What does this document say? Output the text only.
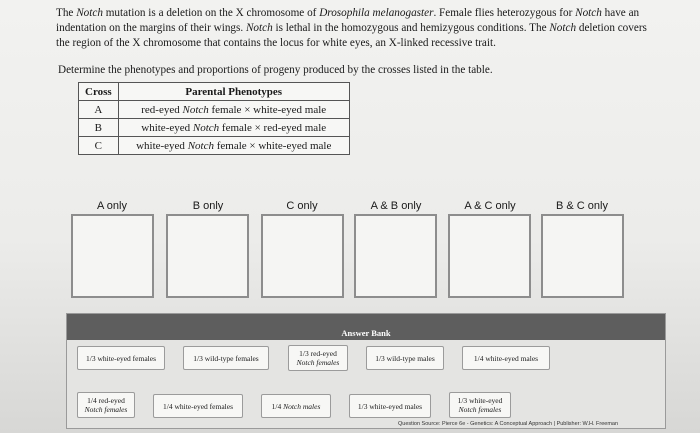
The Notch mutation is a deletion on the X chromosome of Drosophila melanogaster. Female flies heterozygous for Notch have an indentation on the margins of their wings. Notch is lethal in the homozygous and hemizygous conditions. The Notch deletion covers the region of the X chromosome that contains the locus for white eyes, an X-linked recessive trait.

Determine the phenotypes and proportions of progeny produced by the crosses listed in the table.
Cross	Parental Phenotypes
A	red-eyed Notch female × white-eyed male
B	white-eyed Notch female × red-eyed male
C	white-eyed Notch female × white-eyed male
A only	B only	C only	A & B only	A & C only	B & C only
Answer Bank
1/3 white-eyed females	1/3 wild-type females	1/3 red-eyed
Notch females	1/3 wild-type males	1/4 white-eyed males
1/4 red-eyed
Notch females	1/4 white-eyed females	1/4 Notch males	1/3 white-eyed males
1/3 white-eyed
Notch females
Question Source: Pierce 6e - Genetics: A Conceptual Approach | Publisher: W.H. Freeman
